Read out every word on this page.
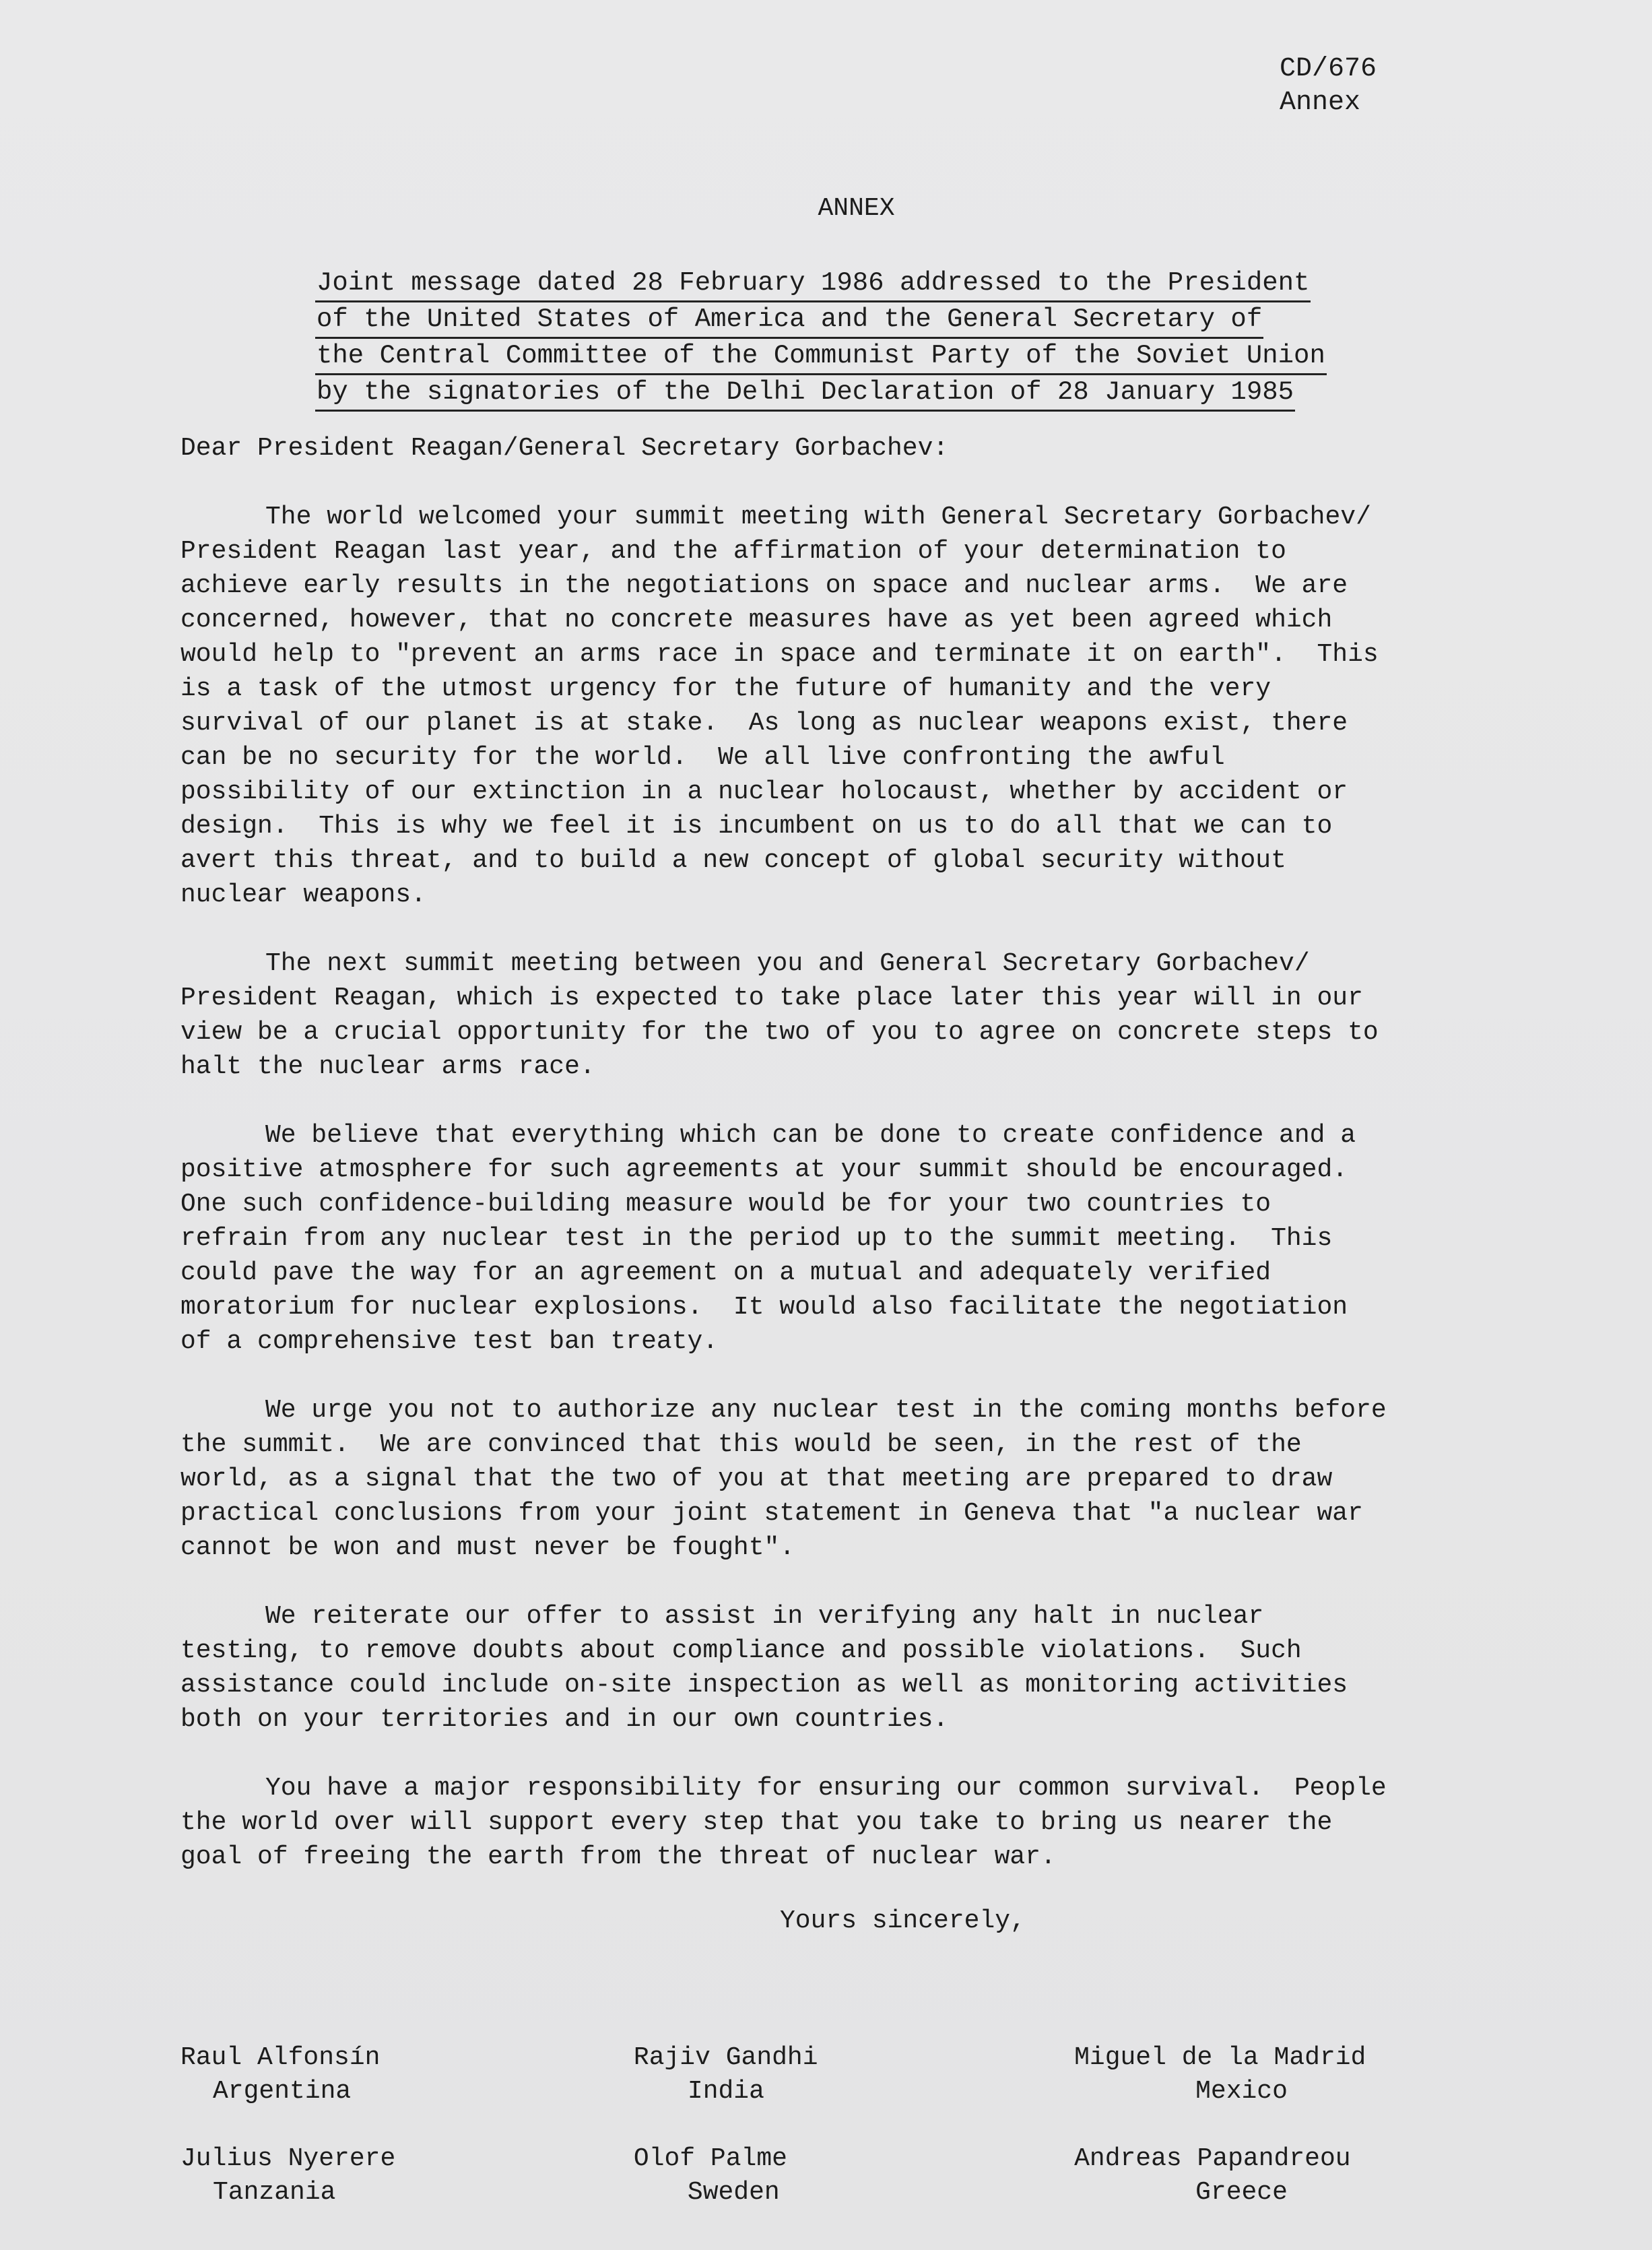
CD/676
Annex
ANNEX
Joint message dated 28 February 1986 addressed to the President
of the United States of America and the General Secretary of
the Central Committee of the Communist Party of the Soviet Union
by the signatories of the Delhi Declaration of 28 January 1985
Dear President Reagan/General Secretary Gorbachev:
The world welcomed your summit meeting with General Secretary Gorbachev/
President Reagan last year, and the affirmation of your determination to
achieve early results in the negotiations on space and nuclear arms.  We are
concerned, however, that no concrete measures have as yet been agreed which
would help to "prevent an arms race in space and terminate it on earth".  This
is a task of the utmost urgency for the future of humanity and the very
survival of our planet is at stake.  As long as nuclear weapons exist, there
can be no security for the world.  We all live confronting the awful
possibility of our extinction in a nuclear holocaust, whether by accident or
design.  This is why we feel it is incumbent on us to do all that we can to
avert this threat, and to build a new concept of global security without
nuclear weapons.
The next summit meeting between you and General Secretary Gorbachev/
President Reagan, which is expected to take place later this year will in our
view be a crucial opportunity for the two of you to agree on concrete steps to
halt the nuclear arms race.
We believe that everything which can be done to create confidence and a
positive atmosphere for such agreements at your summit should be encouraged.
One such confidence-building measure would be for your two countries to
refrain from any nuclear test in the period up to the summit meeting.  This
could pave the way for an agreement on a mutual and adequately verified
moratorium for nuclear explosions.  It would also facilitate the negotiation
of a comprehensive test ban treaty.
We urge you not to authorize any nuclear test in the coming months before
the summit.  We are convinced that this would be seen, in the rest of the
world, as a signal that the two of you at that meeting are prepared to draw
practical conclusions from your joint statement in Geneva that "a nuclear war
cannot be won and must never be fought".
We reiterate our offer to assist in verifying any halt in nuclear
testing, to remove doubts about compliance and possible violations.  Such
assistance could include on-site inspection as well as monitoring activities
both on your territories and in our own countries.
You have a major responsibility for ensuring our common survival.  People
the world over will support every step that you take to bring us nearer the
goal of freeing the earth from the threat of nuclear war.
Yours sincerely,
Raul Alfonsín
Argentina
Rajiv Gandhi
India
Miguel de la Madrid
Mexico
Julius Nyerere
Tanzania
Olof Palme
Sweden
Andreas Papandreou
Greece
